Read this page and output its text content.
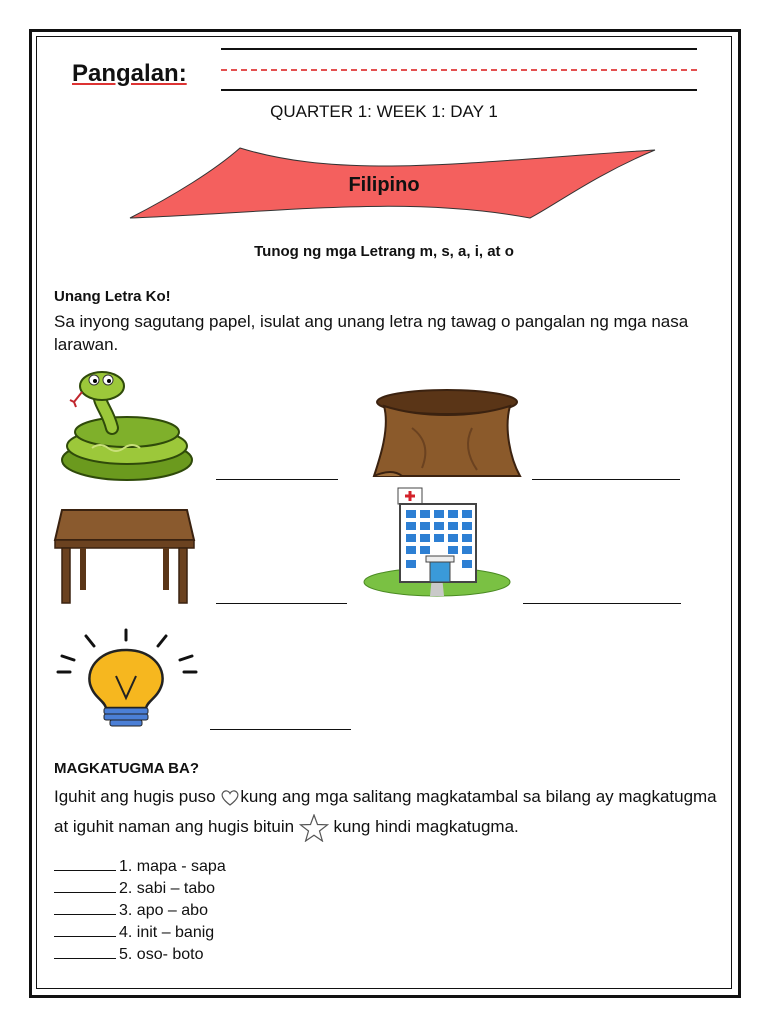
Pangalan:
QUARTER 1: WEEK 1: DAY 1
Filipino
Tunog ng mga Letrang m, s, a, i, at o
Unang Letra Ko!
Sa inyong sagutang papel, isulat ang unang letra ng tawag o pangalan ng mga nasa larawan.
MAGKATUGMA BA?
Iguhit ang hugis puso kung ang mga salitang magkatambal sa bilang ay magkatugma at iguhit naman ang hugis bituin  kung hindi magkatugma.
1. mapa - sapa
2. sabi – tabo
3. apo – abo
4. init – banig
5. oso- boto
